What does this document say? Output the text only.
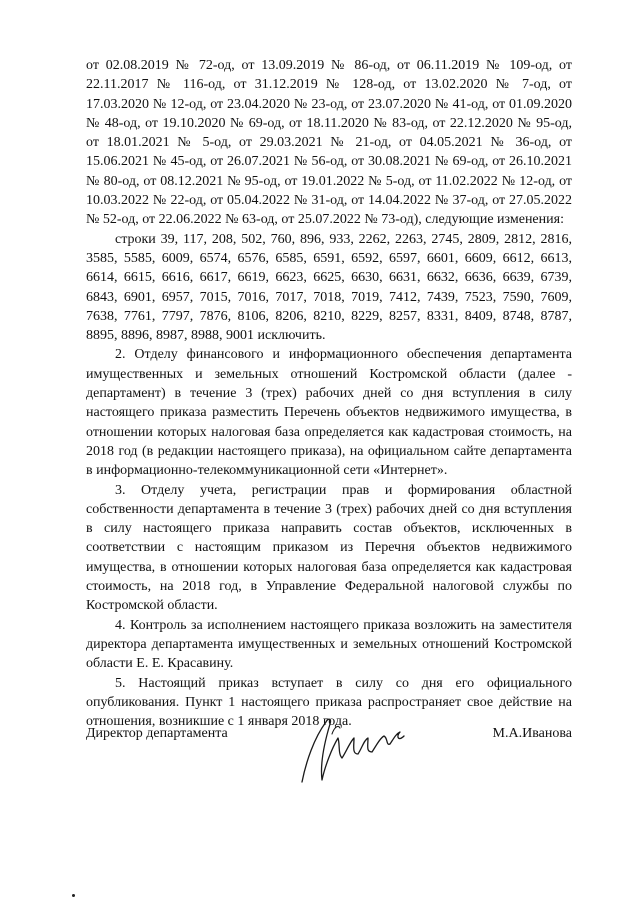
от 02.08.2019 № 72-од, от 13.09.2019 № 86-од, от 06.11.2019 № 109-од, от 22.11.2017 № 116-од, от 31.12.2019 № 128-од, от 13.02.2020 № 7-од, от 17.03.2020 № 12-од, от 23.04.2020 № 23-од, от 23.07.2020 № 41-од, от 01.09.2020 № 48-од, от 19.10.2020 № 69-од, от 18.11.2020 № 83-од, от 22.12.2020 № 95-од, от 18.01.2021 № 5-од, от 29.03.2021 № 21-од, от 04.05.2021 № 36-од, от 15.06.2021 № 45-од, от 26.07.2021 № 56-од, от 30.08.2021 № 69-од, от 26.10.2021 № 80-од, от 08.12.2021 № 95-од, от 19.01.2022 № 5-од, от 11.02.2022 № 12-од, от 10.03.2022 № 22-од, от 05.04.2022 № 31-од, от 14.04.2022 № 37-од, от 27.05.2022 № 52-од, от 22.06.2022 № 63-од, от 25.07.2022 № 73-од), следующие изменения:

строки 39, 117, 208, 502, 760, 896, 933, 2262, 2263, 2745, 2809, 2812, 2816, 3585, 5585, 6009, 6574, 6576, 6585, 6591, 6592, 6597, 6601, 6609, 6612, 6613, 6614, 6615, 6616, 6617, 6619, 6623, 6625, 6630, 6631, 6632, 6636, 6639, 6739, 6843, 6901, 6957, 7015, 7016, 7017, 7018, 7019, 7412, 7439, 7523, 7590, 7609, 7638, 7761, 7797, 7876, 8106, 8206, 8210, 8229, 8257, 8331, 8409, 8748, 8787, 8895, 8896, 8987, 8988, 9001 исключить.

2. Отделу финансового и информационного обеспечения департамента имущественных и земельных отношений Костромской области (далее - департамент) в течение 3 (трех) рабочих дней со дня вступления в силу настоящего приказа разместить Перечень объектов недвижимого имущества, в отношении которых налоговая база определяется как кадастровая стоимость, на 2018 год (в редакции настоящего приказа), на официальном сайте департамента в информационно-телекоммуникационной сети «Интернет».

3. Отделу учета, регистрации прав и формирования областной собственности департамента в течение 3 (трех) рабочих дней со дня вступления в силу настоящего приказа направить состав объектов, исключенных в соответствии с настоящим приказом из Перечня объектов недвижимого имущества, в отношении которых налоговая база определяется как кадастровая стоимость, на 2018 год, в Управление Федеральной налоговой службы по Костромской области.

4. Контроль за исполнением настоящего приказа возложить на заместителя директора департамента имущественных и земельных отношений Костромской области Е. Е. Красавину.

5. Настоящий приказ вступает в силу со дня его официального опубликования. Пункт 1 настоящего приказа распространяет свое действие на отношения, возникшие с 1 января 2018 года.

Директор департамента	М.А.Иванова
